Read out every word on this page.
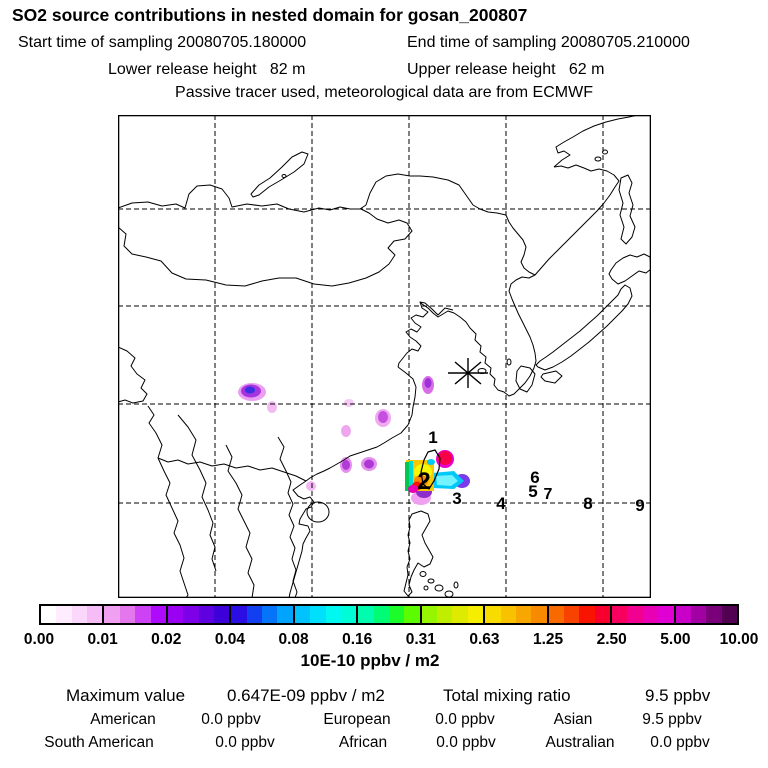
SO2 source contributions in nested domain for gosan_200807
Start time of sampling 20080705.180000	End time of sampling 20080705.210000
Lower release height   82 m	Upper release height   62 m
Passive tracer used, meteorological data are from ECMWF
1
2
3 4
5
6
7 8	9
0.00 0.01 0.02 0.04 0.08 0.16 0.31 0.63 1.25 2.50 5.00 10.00
10E-10 ppbv / m2
Maximum value 0.647E-09 ppbv / m2	Total mixing ratio	9.5 ppbv
American	0.0 ppbv	European	0.0 ppbv	Asian	9.5 ppbv
South American	0.0 ppbv	African	0.0 ppbv	Australian 0.0 ppbv
